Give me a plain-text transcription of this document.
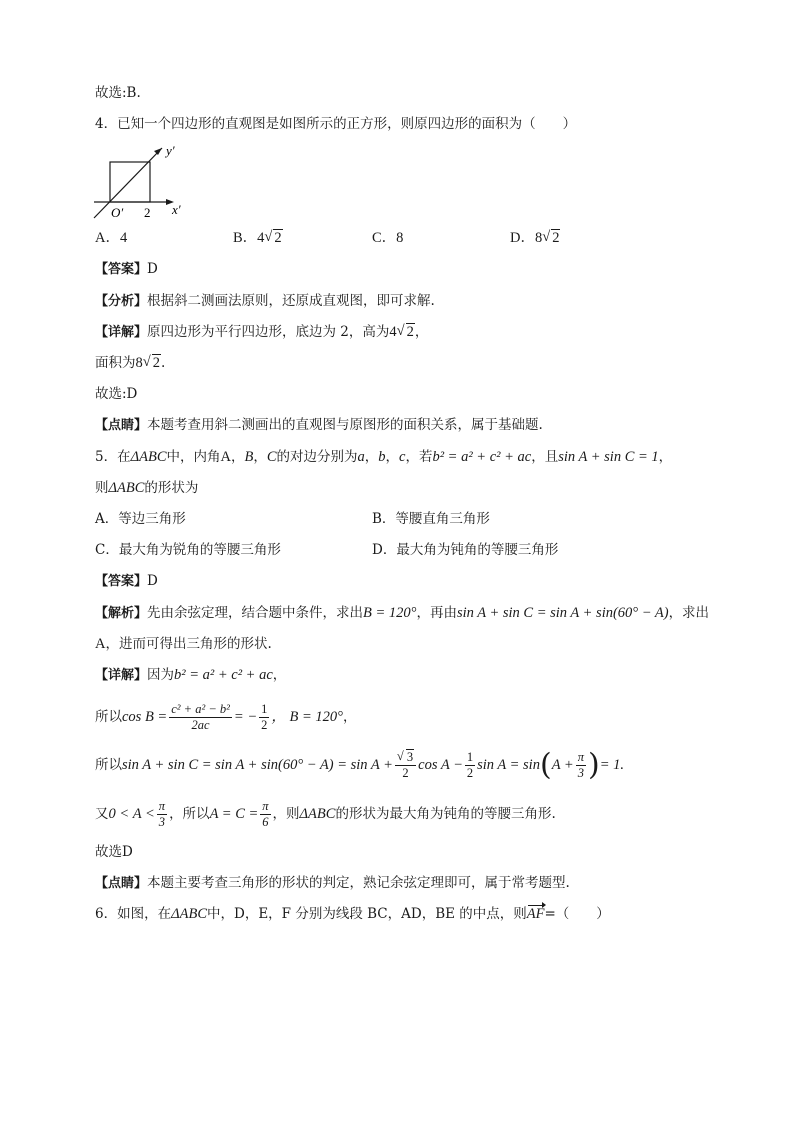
故选:B.
4．已知一个四边形的直观图是如图所示的正方形，则原四边形的面积为（　　）
y′
x′
O′ 2
A．4	B．4 √ 2	C．8	D．8 √ 2
【答案】D
【分析】根据斜二测画法原则，还原成直观图，即可求解.
【详解】原四边形为平行四边形，底边为 2，高为4 √ 2，
面积为8 √ 2.
故选:D
【点睛】本题考查用斜二测画出的直观图与原图形的面积关系，属于基础题.
5．在ΔABC中，内角A，B，C的对边分别为a，b，c，若b² = a² + c² + ac，且sin A + sin C = 1，
则ΔABC的形状为
A．等边三角形	B．等腰直角三角形
C．最大角为锐角的等腰三角形	D．最大角为钝角的等腰三角形
【答案】D
【解析】先由余弦定理，结合题中条件，求出B = 120°，再由sin A + sin C = sin A + sin(60° − A)，求出
A，进而可得出三角形的形状.
【详解】因为b² = a² + c² + ac，
所以$\cos B = \frac{\text{c² + a² − b²}}{2ac}$ = − $\frac{1}{2}$ ， B = 120°，
所以sin A + sin C = sin A + sin(60° − A) = sin A + √ $\frac{3}{2}$ $\cos A - \frac{1}{2}$ $\sin A = \sin(A + \frac{\pi}{3}$ )= 1.
又$0 < A < \frac{\pi}{3}$ ，所以$A = C = \frac{\pi}{6}$ ，则ΔABC的形状为最大角为钝角的等腰三角形.
故选D
【点睛】本题主要考查三角形的形状的判定，熟记余弦定理即可，属于常考题型.
6．如图，在ΔABC中，D，E，F 分别为线段 BC，AD，BE 的中点，则AF=（　　）
